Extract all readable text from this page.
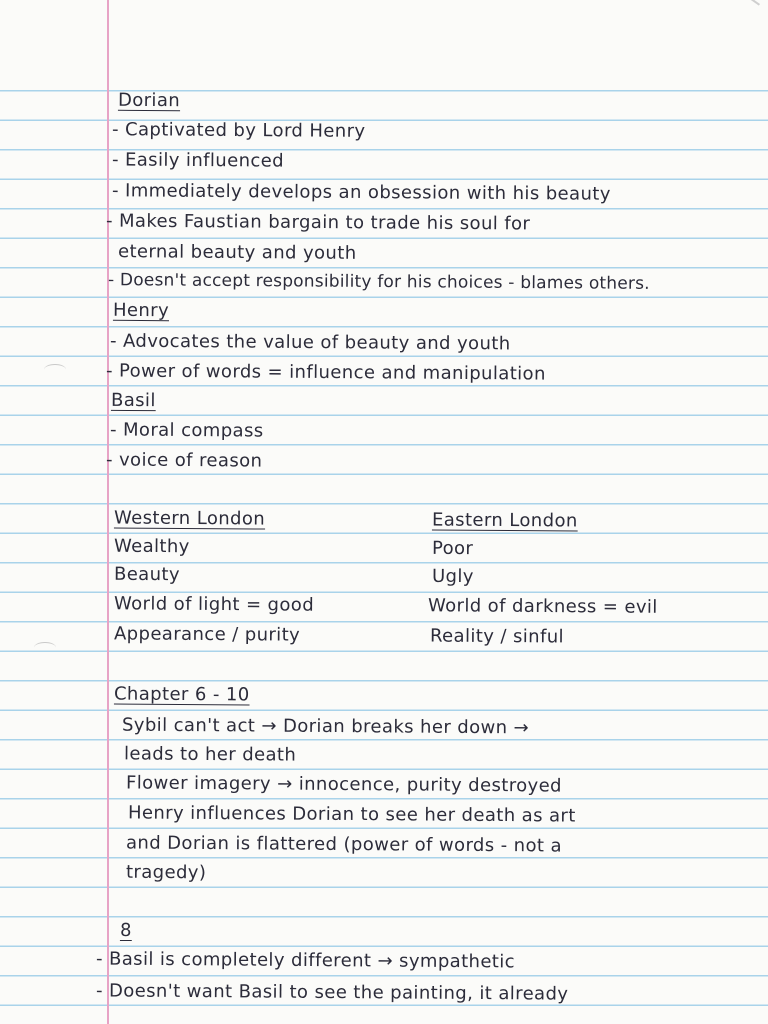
Dorian
- Captivated by Lord Henry
- Easily influenced
- Immediately develops an obsession with his beauty
- Makes Faustian bargain to trade his soul for
eternal beauty and youth
- Doesn't accept responsibility for his choices - blames others.
Henry
- Advocates the value of beauty and youth
- Power of words = influence and manipulation
Basil
- Moral compass
- voice of reason
Western London
Wealthy
Beauty
World of light = good
Appearance / purity
Eastern London
Poor
Ugly
World of darkness = evil
Reality / sinful
Chapter 6 - 10
Sybil can't act → Dorian breaks her down →
leads to her death
Flower imagery → innocence, purity destroyed
Henry influences Dorian to see her death as art
and Dorian is flattered (power of words - not a
tragedy)
8
- Basil is completely different → sympathetic
- Doesn't want Basil to see the painting, it already
